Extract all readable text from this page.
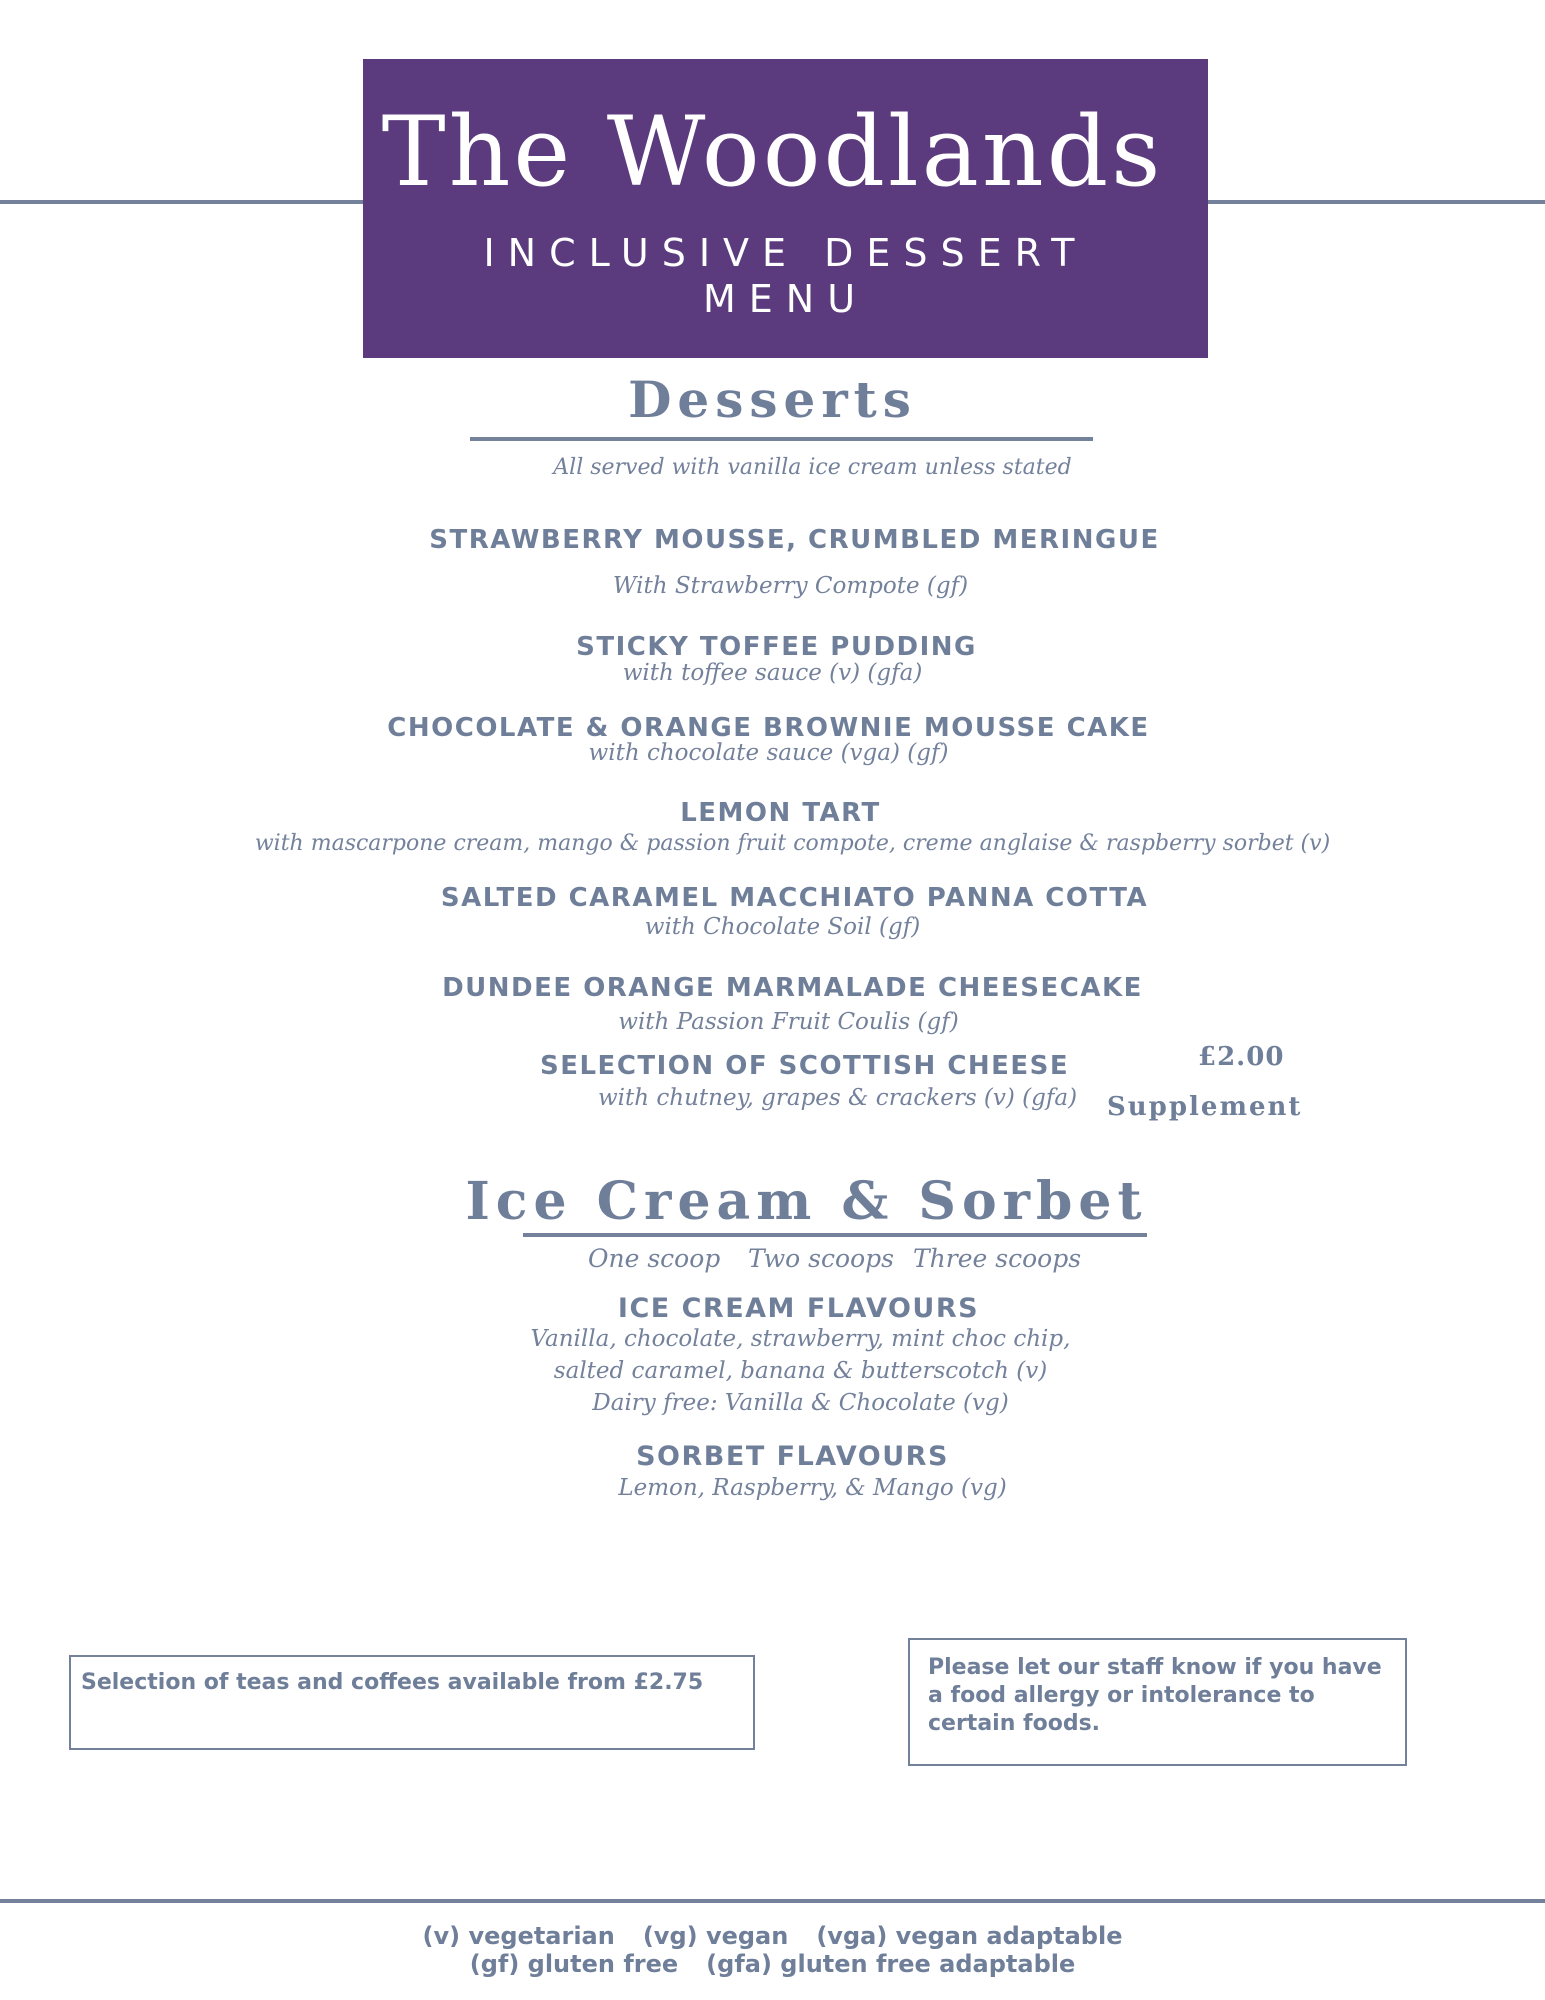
The Woodlands
INCLUSIVE DESSERT
MENU
Desserts
All served with vanilla ice cream unless stated
STRAWBERRY MOUSSE, CRUMBLED MERINGUE
With Strawberry Compote (gf)
STICKY TOFFEE PUDDING
with toffee sauce (v) (gfa)
CHOCOLATE & ORANGE BROWNIE MOUSSE CAKE
with chocolate sauce (vga) (gf)
LEMON TART
with mascarpone cream, mango & passion fruit compote, creme anglaise & raspberry sorbet (v)
SALTED CARAMEL MACCHIATO PANNA COTTA
with Chocolate Soil (gf)
DUNDEE ORANGE MARMALADE CHEESECAKE
with Passion Fruit Coulis (gf)
SELECTION OF SCOTTISH CHEESE
with chutney, grapes & crackers (v) (gfa)
£2.00
Supplement
Ice Cream & Sorbet
One scoop Two scoops Three scoops
ICE CREAM FLAVOURS
Vanilla, chocolate, strawberry, mint choc chip,
salted caramel, banana & butterscotch (v)
Dairy free: Vanilla & Chocolate (vg)
SORBET FLAVOURS
Lemon, Raspberry, & Mango (vg)
Selection of teas and coffees available from £2.75
Please let our staff know if you have a food allergy or intolerance to certain foods.
(v) vegetarian (vg) vegan (vga) vegan adaptable
(gf) gluten free (gfa) gluten free adaptable
